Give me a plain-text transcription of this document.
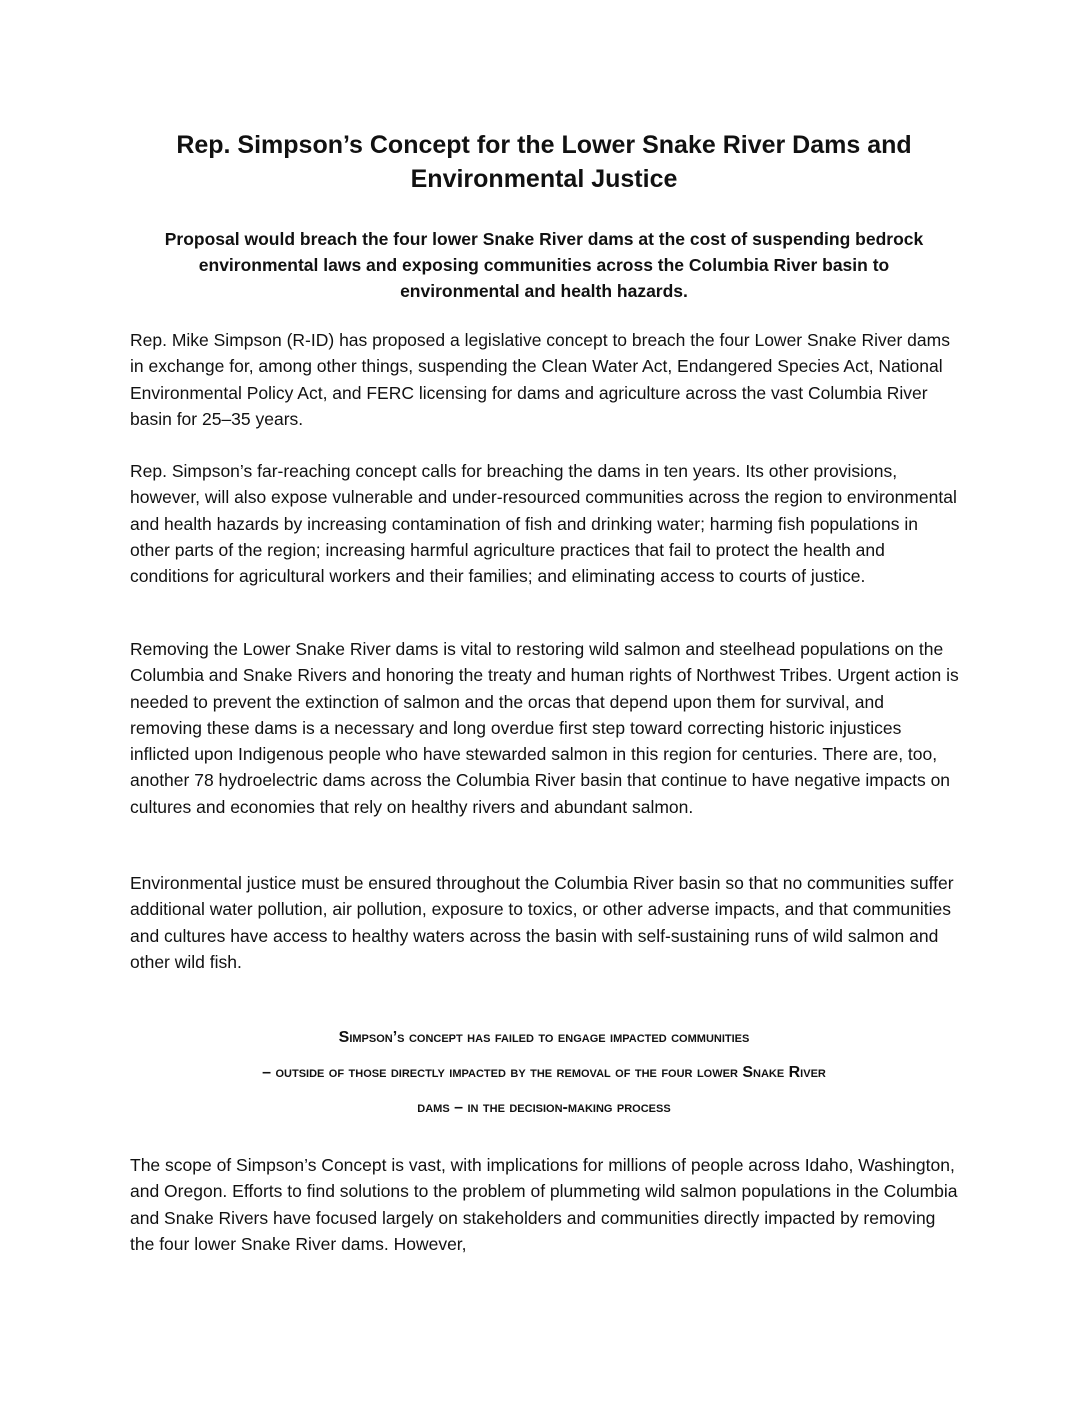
Rep. Simpson’s Concept for the Lower Snake River Dams and
Environmental Justice

Proposal would breach the four lower Snake River dams at the cost of suspending bedrock
environmental laws and exposing communities across the Columbia River basin to
environmental and health hazards.

Rep. Mike Simpson (R-ID) has proposed a legislative concept to breach the four Lower Snake River dams in exchange for, among other things, suspending the Clean Water Act, Endangered Species Act, National Environmental Policy Act, and FERC licensing for dams and agriculture across the vast Columbia River basin for 25–35 years.

Rep. Simpson’s far-reaching concept calls for breaching the dams in ten years. Its other provisions, however, will also expose vulnerable and under-resourced communities across the region to environmental and health hazards by increasing contamination of fish and drinking water; harming fish populations in other parts of the region; increasing harmful agriculture practices that fail to protect the health and conditions for agricultural workers and their families; and eliminating access to courts of justice.

Removing the Lower Snake River dams is vital to restoring wild salmon and steelhead populations on the Columbia and Snake Rivers and honoring the treaty and human rights of Northwest Tribes. Urgent action is needed to prevent the extinction of salmon and the orcas that depend upon them for survival, and removing these dams is a necessary and long overdue first step toward correcting historic injustices inflicted upon Indigenous people who have stewarded salmon in this region for centuries. There are, too, another 78 hydroelectric dams across the Columbia River basin that continue to have negative impacts on cultures and economies that rely on healthy rivers and abundant salmon.

Environmental justice must be ensured throughout the Columbia River basin so that no communities suffer additional water pollution, air pollution, exposure to toxics, or other adverse impacts, and that communities and cultures have access to healthy waters across the basin with self-sustaining runs of wild salmon and other wild fish.

Simpson’s concept has failed to engage impacted communities
– outside of those directly impacted by the removal of the four lower Snake River
dams – in the decision-making process

The scope of Simpson’s Concept is vast, with implications for millions of people across Idaho, Washington, and Oregon. Efforts to find solutions to the problem of plummeting wild salmon populations in the Columbia and Snake Rivers have focused largely on stakeholders and communities directly impacted by removing the four lower Snake River dams. However,
